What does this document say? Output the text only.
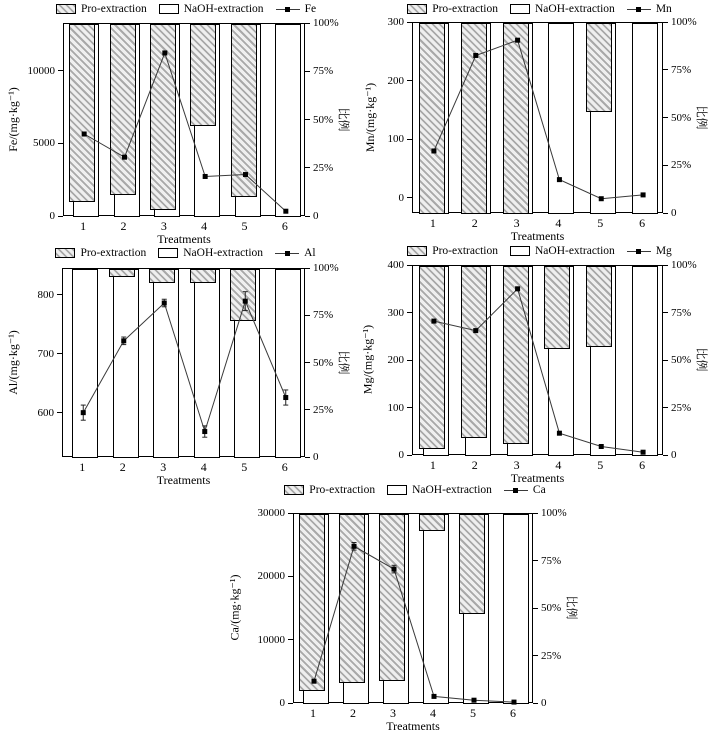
Pro-extraction	NaOH-extraction	Fe
0
5000
10000
100%
75%
50%
25%
0
1	2	3	4	5	6
Treatments
Fe/(mg·kg⁻¹)	比例
Pro-extraction	NaOH-extraction	Mn
0
100
200
300	100%
75%
50%
25%
0
1	2	3	4	5	6
Treatments
Mn/(mg·kg⁻¹)	比例
Pro-extraction	NaOH-extraction	Al
600
700
800
100%
75%
50%
25%
0
1	2	3	4	5	6
Treatments
Al/(mg·kg⁻¹)	比例
Pro-extraction	NaOH-extraction	Mg
0
100
200
300
400	100%
75%
50%
25%
0
1	2	3	4	5	6
Treatments
Mg/(mg·kg⁻¹)	比例
Pro-extraction	NaOH-extraction	Ca
0
10000
20000
30000	100%
75%
50%
25%
0
1	2	3	4	5	6
Treatments
Ca/(mg·kg⁻¹)	比例
